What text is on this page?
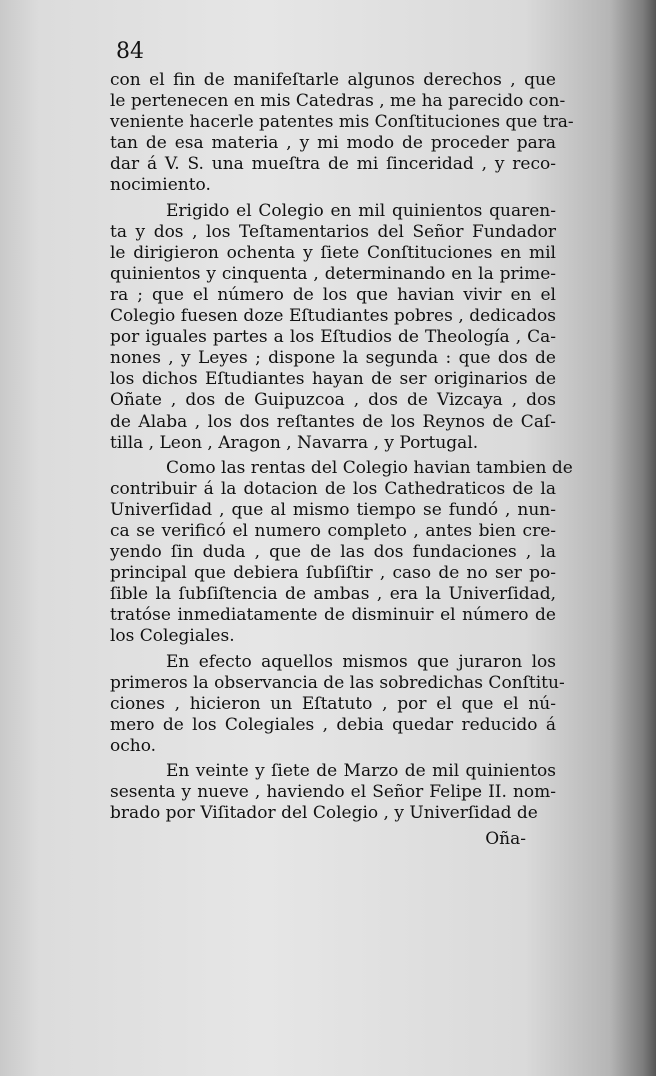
84
con el fin de manifeſtarle algunos derechos , que
le pertenecen en mis Catedras , me ha parecido con-
veniente hacerle patentes mis Conſtituciones que tra-
tan de esa materia , y mi modo de proceder para
dar á V. S. una mueſtra de mi ſinceridad , y reco-
nocimiento.
Erigido el Colegio en mil quinientos quaren-
ta y dos , los Teſtamentarios del Señor Fundador
le dirigieron ochenta y ſiete Conſtituciones en mil
quinientos y cinquenta , determinando en la prime-
ra ; que el número de los que havian vivir en el
Colegio fuesen doze Eſtudiantes pobres , dedicados
por iguales partes a los Eſtudios de Theología , Ca-
nones , y Leyes ; dispone la segunda : que dos de
los dichos Eſtudiantes hayan de ser originarios de
Oñate , dos de Guipuzcoa , dos de Vizcaya , dos
de Alaba , los dos reſtantes de los Reynos de Caſ-
tilla , Leon , Aragon , Navarra , y Portugal.
Como las rentas del Colegio havian tambien de
contribuir á la dotacion de los Cathedraticos de la
Univerſidad , que al mismo tiempo se fundó , nun-
ca se verificó el numero completo , antes bien cre-
yendo ſin duda , que de las dos fundaciones , la
principal que debiera ſubſiſtir , caso de no ser po-
ſible la ſubſiſtencia de ambas , era la Univerſidad,
tratóse inmediatamente de disminuir el número de
los Colegiales.
En efecto aquellos mismos que juraron los
primeros la observancia de las sobredichas Conſtitu-
ciones , hicieron un Eſtatuto , por el que el nú-
mero de los Colegiales , debia quedar reducido á
ocho.
En veinte y ſiete de Marzo de mil quinientos
sesenta y nueve , haviendo el Señor Felipe II. nom-
brado por Viſitador del Colegio , y Univerſidad de
Oña-
